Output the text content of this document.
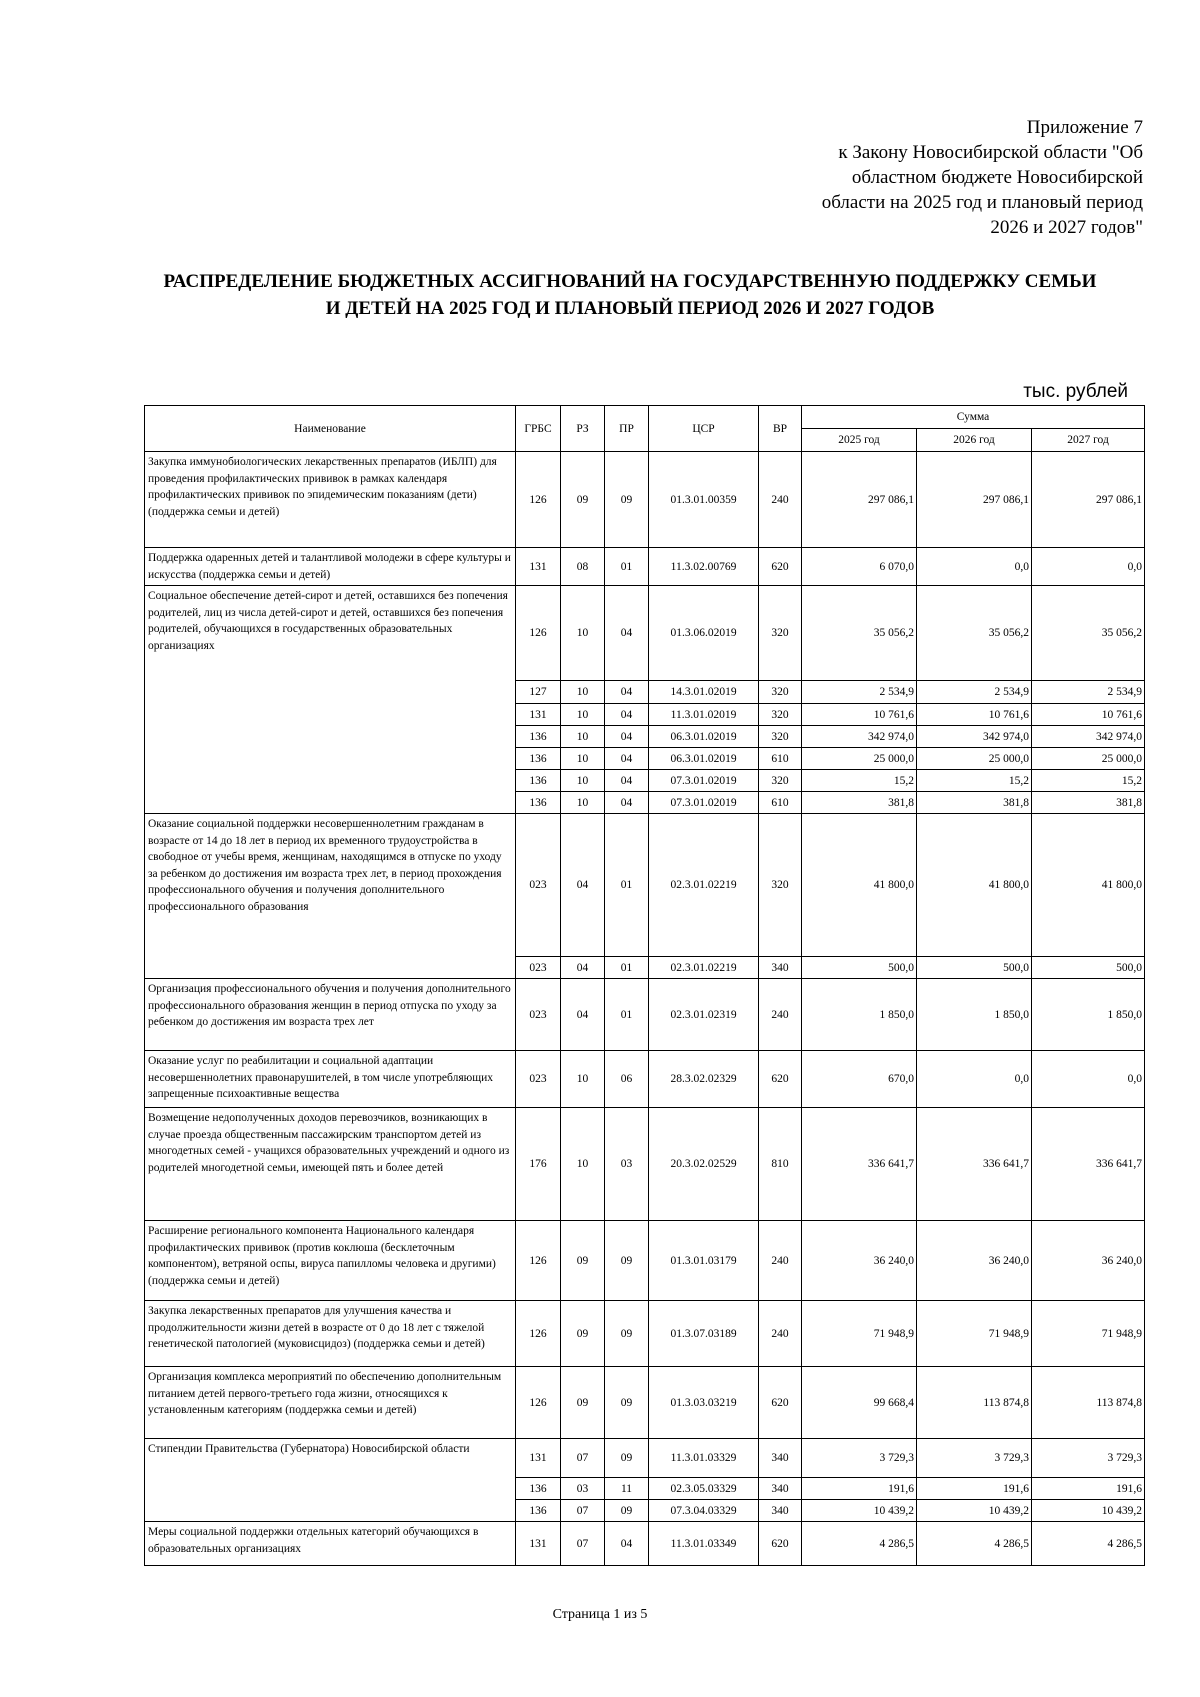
Приложение 7
к Закону Новосибирской области "Об
областном бюджете Новосибирской
области на 2025 год и плановый период
2026 и 2027 годов"
РАСПРЕДЕЛЕНИЕ БЮДЖЕТНЫХ АССИГНОВАНИЙ НА ГОСУДАРСТВЕННУЮ ПОДДЕРЖКУ СЕМЬИ
И ДЕТЕЙ НА 2025 ГОД И ПЛАНОВЫЙ ПЕРИОД 2026 И 2027 ГОДОВ
тыс. рублей
Наименование	ГРБС	РЗ	ПР	ЦСР	ВР	Сумма		
						2025 год	2026 год	2027 год
Закупка иммунобиологических лекарственных препаратов (ИБЛП) для проведения профилактических прививок в рамках календаря профилактических прививок по эпидемическим показаниям (дети) (поддержка семьи и детей)	126	09	09	01.3.01.00359	240	297 086,1	297 086,1	297 086,1
Поддержка одаренных детей и талантливой молодежи в сфере культуры и искусства (поддержка семьи и детей)	131	08	01	11.3.02.00769	620	6 070,0	0,0	0,0
Социальное обеспечение детей-сирот и детей, оставшихся без попечения родителей, лиц из числа детей-сирот и детей, оставшихся без попечения родителей, обучающихся в государственных образовательных организациях	126	10	04	01.3.06.02019	320	35 056,2	35 056,2	35 056,2
	127	10	04	14.3.01.02019	320	2 534,9	2 534,9	2 534,9
	131	10	04	11.3.01.02019	320	10 761,6	10 761,6	10 761,6
	136	10	04	06.3.01.02019	320	342 974,0	342 974,0	342 974,0
	136	10	04	06.3.01.02019	610	25 000,0	25 000,0	25 000,0
	136	10	04	07.3.01.02019	320	15,2	15,2	15,2
	136	10	04	07.3.01.02019	610	381,8	381,8	381,8
Оказание социальной поддержки несовершеннолетним гражданам в возрасте от 14 до 18 лет в период их временного трудоустройства в свободное от учебы время, женщинам, находящимся в отпуске по уходу за ребенком до достижения им возраста трех лет, в период прохождения профессионального обучения и получения дополнительного профессионального образования	023	04	01	02.3.01.02219	320	41 800,0	41 800,0	41 800,0
	023	04	01	02.3.01.02219	340	500,0	500,0	500,0
Организация профессионального обучения и получения дополнительного профессионального образования женщин в период отпуска по уходу за ребенком до достижения им возраста трех лет	023	04	01	02.3.01.02319	240	1 850,0	1 850,0	1 850,0
Оказание услуг по реабилитации и социальной адаптации несовершеннолетних правонарушителей, в том числе употребляющих запрещенные психоактивные вещества	023	10	06	28.3.02.02329	620	670,0	0,0	0,0
Возмещение недополученных доходов перевозчиков, возникающих в случае проезда общественным пассажирским транспортом детей из многодетных семей - учащихся образовательных учреждений и одного из родителей многодетной семьи, имеющей пять и более детей	176	10	03	20.3.02.02529	810	336 641,7	336 641,7	336 641,7
Расширение регионального компонента Национального календаря профилактических прививок (против коклюша (бесклеточным компонентом), ветряной оспы, вируса папилломы человека и другими) (поддержка семьи и детей)	126	09	09	01.3.01.03179	240	36 240,0	36 240,0	36 240,0
Закупка лекарственных препаратов для улучшения качества и продолжительности жизни детей в возрасте от 0 до 18 лет с тяжелой генетической патологией (муковисцидоз) (поддержка семьи и детей)	126	09	09	01.3.07.03189	240	71 948,9	71 948,9	71 948,9
Организация комплекса мероприятий по обеспечению дополнительным питанием детей первого-третьего года жизни, относящихся к установленным категориям (поддержка семьи и детей)	126	09	09	01.3.03.03219	620	99 668,4	113 874,8	113 874,8
Стипендии Правительства (Губернатора) Новосибирской области	131	07	09	11.3.01.03329	340	3 729,3	3 729,3	3 729,3
	136	03	11	02.3.05.03329	340	191,6	191,6	191,6
	136	07	09	07.3.04.03329	340	10 439,2	10 439,2	10 439,2
Меры социальной поддержки отдельных категорий обучающихся в образовательных организациях	131	07	04	11.3.01.03349	620	4 286,5	4 286,5	4 286,5
Страница 1 из 5
